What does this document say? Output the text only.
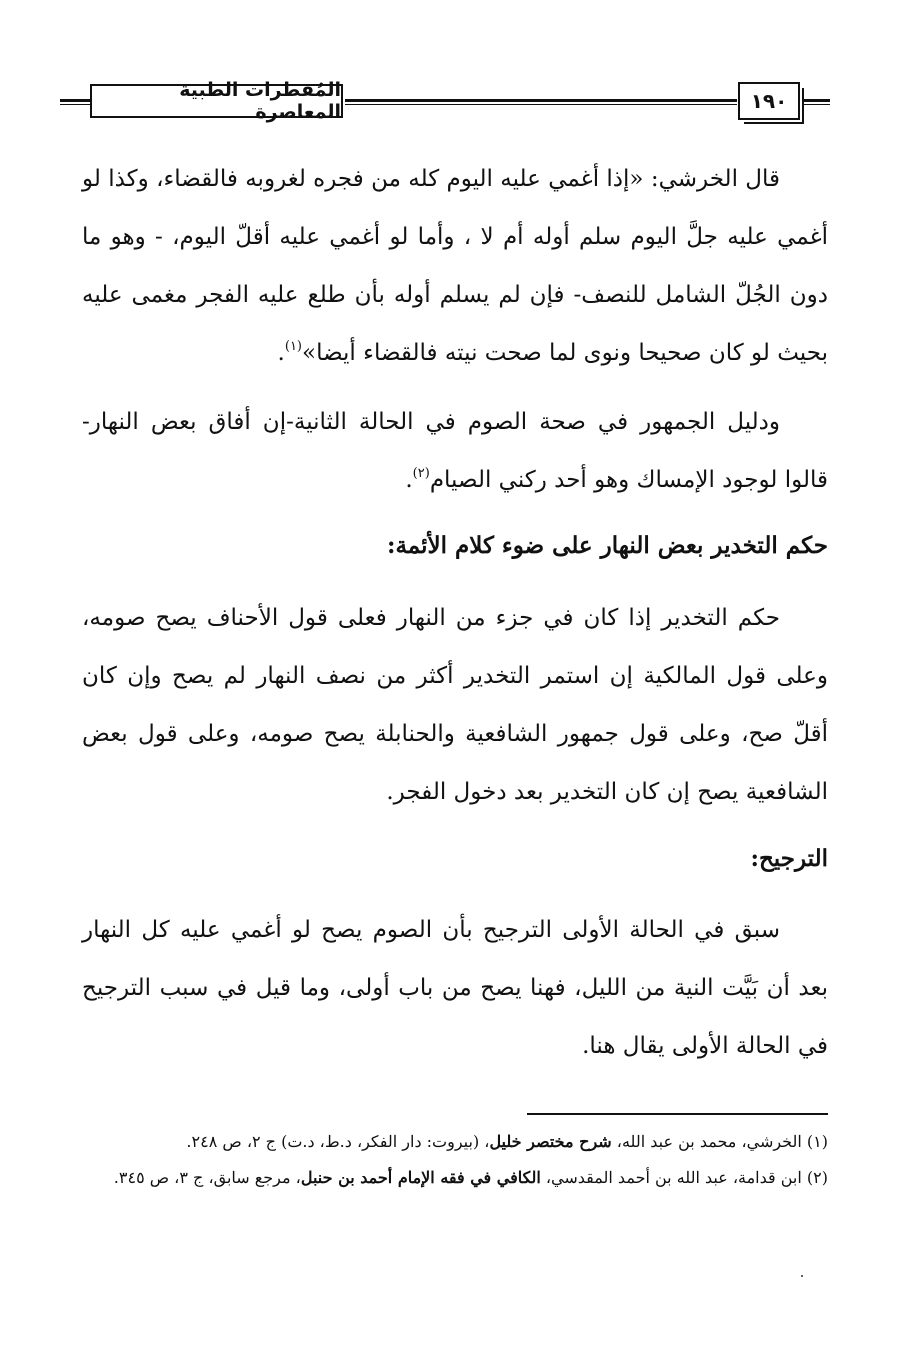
المُفطرات الطبية المعاصرة	١٩٠

قال الخرشي: «إذا أغمي عليه اليوم كله من فجره لغروبه فالقضاء، وكذا لو أغمي عليه جلَّ اليوم سلم أوله أم لا ، وأما لو أغمي عليه أقلّ اليوم، - وهو ما دون الجُلّ الشامل للنصف- فإن لم يسلم أوله بأن طلع عليه الفجر مغمى عليه بحيث لو كان صحيحا ونوى لما صحت نيته فالقضاء أيضا»$^{(١)}$.

ودليل الجمهور في صحة الصوم في الحالة الثانية-إن أفاق بعض النهار- قالوا لوجود الإمساك وهو أحد ركني الصيام$^{(٢)}$.

حكم التخدير بعض النهار على ضوء كلام الأئمة:

حكم التخدير إذا كان في جزء من النهار فعلى قول الأحناف يصح صومه، وعلى قول المالكية إن استمر التخدير أكثر من نصف النهار لم يصح وإن كان أقلّ صح، وعلى قول جمهور الشافعية والحنابلة يصح صومه، وعلى قول بعض الشافعية يصح إن كان التخدير بعد دخول الفجر.

الترجيح:

سبق في الحالة الأولى الترجيح بأن الصوم يصح لو أغمي عليه كل النهار بعد أن بَيَّت النية من الليل، فهنا يصح من باب أولى، وما قيل في سبب الترجيح في الحالة الأولى يقال هنا.

(١) الخرشي، محمد بن عبد الله، شرح مختصر خليل، (بيروت: دار الفكر، د.ط، د.ت) ج ٢، ص ٢٤٨.

(٢) ابن قدامة، عبد الله بن أحمد المقدسي، الكافي في فقه الإمام أحمد بن حنبل، مرجع سابق، ج ٣، ص ٣٤٥.
